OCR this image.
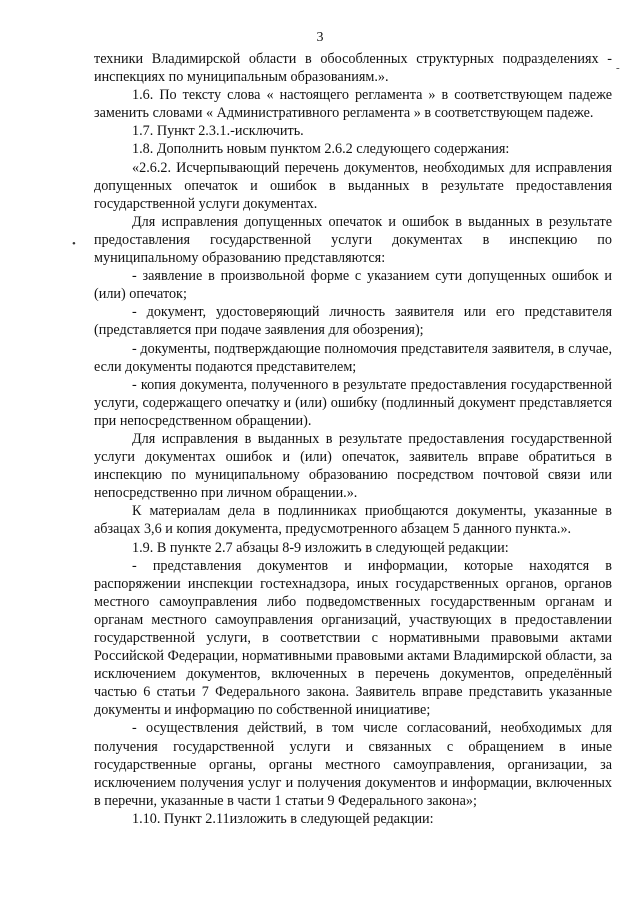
3
-
•

техники Владимирской области в обособленных структурных подразделениях - инспекциях по муниципальным образованиям.».

1.6. По тексту слова « настоящего регламента » в соответствующем падеже заменить словами « Административного регламента » в соответствующем падеже.

1.7. Пункт 2.3.1.-исключить.

1.8. Дополнить новым пунктом 2.6.2 следующего содержания:

«2.6.2. Исчерпывающий перечень документов, необходимых для исправления допущенных опечаток и ошибок в выданных в результате предоставления государственной услуги документах.

Для исправления допущенных опечаток и ошибок в выданных в результате предоставления государственной услуги документах в инспекцию по муниципальному образованию представляются:

- заявление в произвольной форме с указанием сути допущенных ошибок и (или) опечаток;

- документ, удостоверяющий личность заявителя или его представителя (представляется при подаче заявления для обозрения);

- документы, подтверждающие полномочия представителя заявителя, в случае, если документы подаются представителем;

- копия документа, полученного в результате предоставления государственной услуги, содержащего опечатку и (или) ошибку (подлинный документ представляется при непосредственном обращении).

Для исправления в выданных в результате предоставления государственной услуги документах ошибок и (или) опечаток, заявитель вправе обратиться в инспекцию по муниципальному образованию посредством почтовой связи или непосредственно при личном обращении.».

К материалам дела в подлинниках приобщаются документы, указанные в абзацах 3,6 и копия документа, предусмотренного абзацем 5 данного пункта.».

1.9. В пункте 2.7 абзацы 8-9 изложить в следующей редакции:

- представления документов и информации, которые находятся в распоряжении инспекции гостехнадзора, иных государственных органов, органов местного самоуправления либо подведомственных государственным органам и органам местного самоуправления организаций, участвующих в предоставлении государственной услуги, в соответствии с нормативными правовыми актами Российской Федерации, нормативными правовыми актами Владимирской области, за исключением документов, включенных в перечень документов, определённый частью 6 статьи 7 Федерального закона. Заявитель вправе представить указанные документы и информацию по собственной инициативе;

- осуществления действий, в том числе согласований, необходимых для получения государственной услуги и связанных с обращением в иные государственные органы, органы местного самоуправления, организации, за исключением получения услуг и получения документов и информации, включенных в перечни, указанные в части 1 статьи 9 Федерального закона»;

1.10. Пункт 2.11изложить в следующей редакции:
